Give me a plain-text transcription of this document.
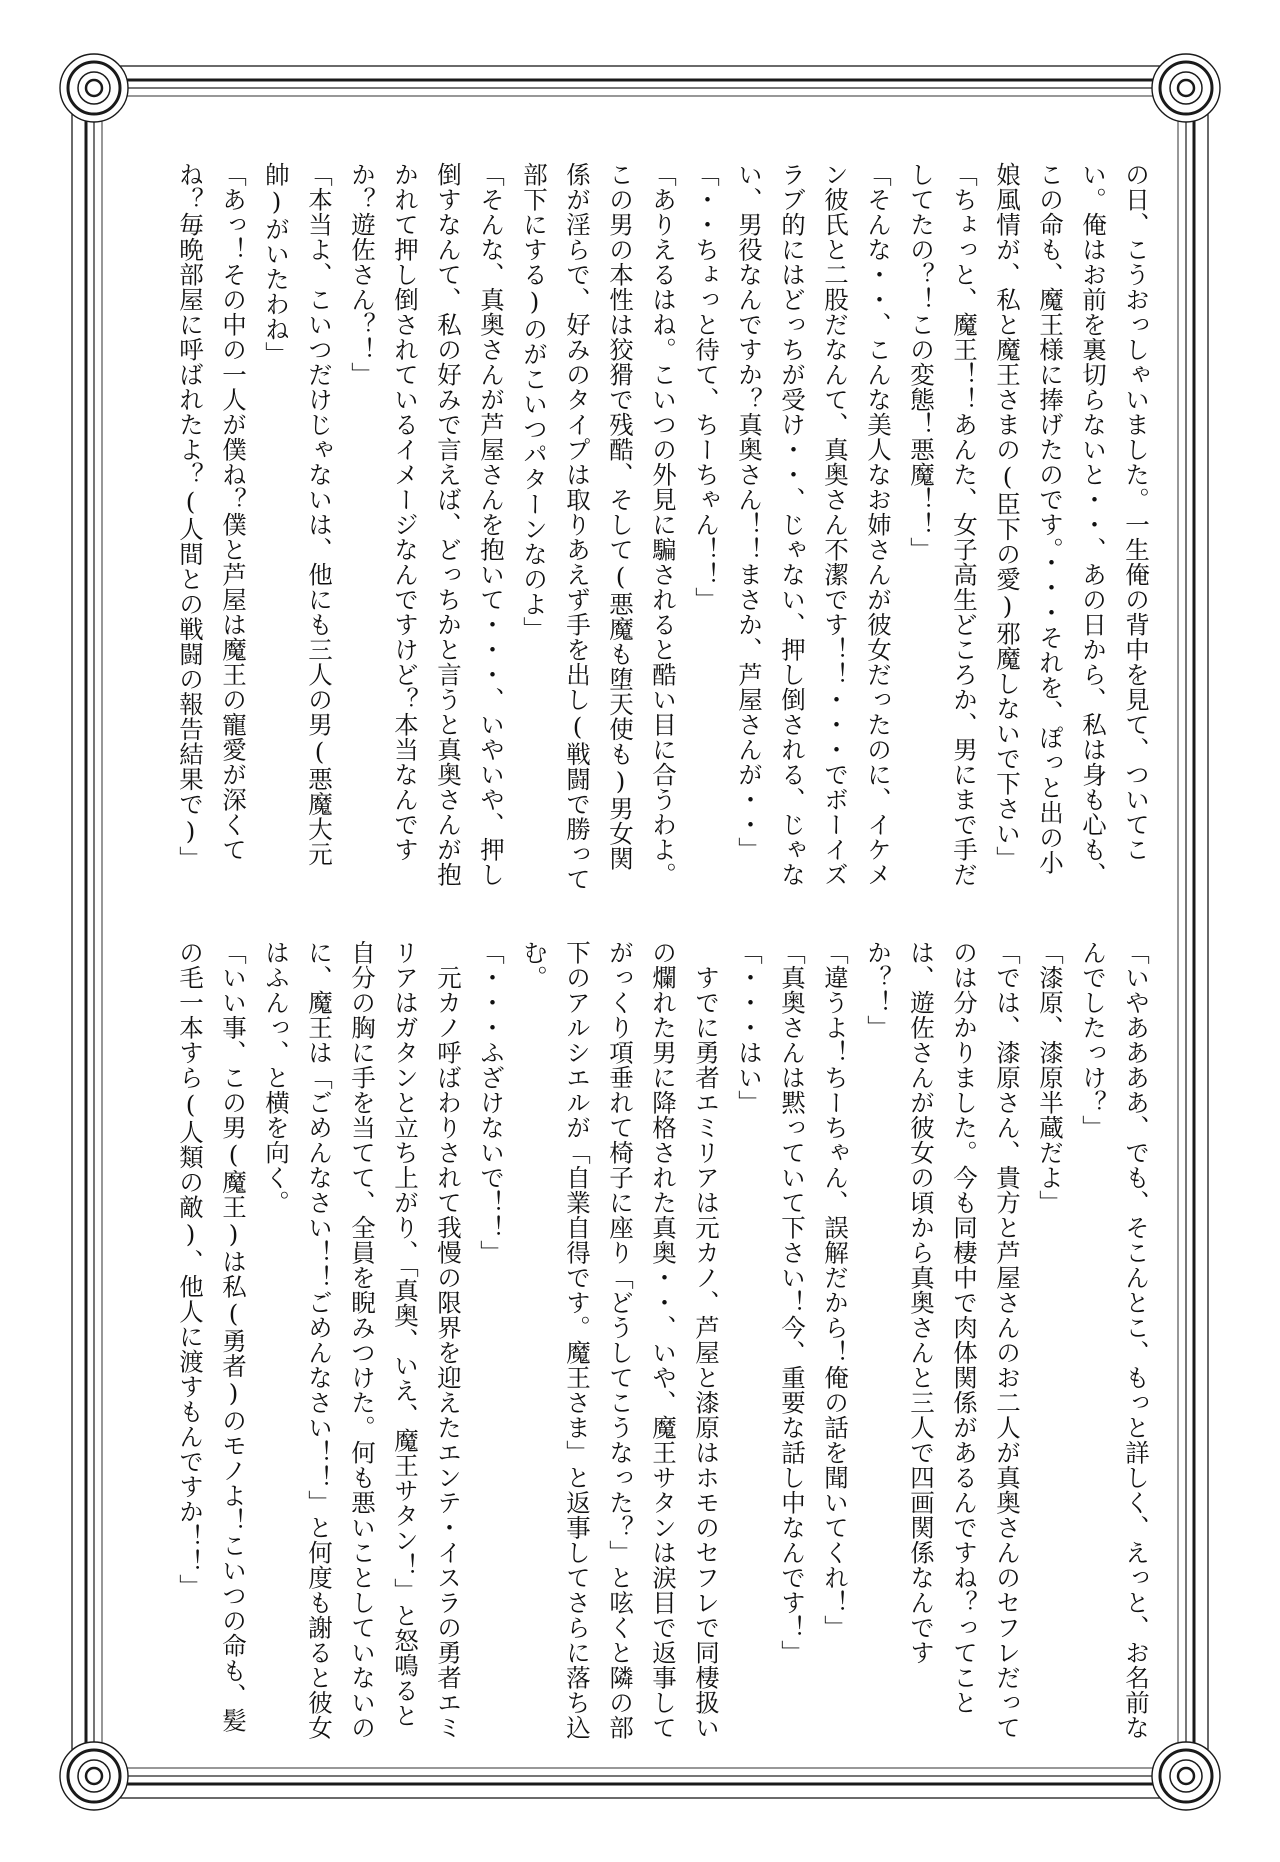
の日、こうおっしゃいました。一生俺の背中を見て、ついてこい。俺はお前を裏切らないと・・、あの日から、私は身も心も、この命も、魔王様に捧げたのです。・・・それを、ぽっと出の小娘風情が、私と魔王さまの(臣下の愛)邪魔しないで下さい」

「ちょっと、魔王！！あんた、女子高生どころか、男にまで手だしてたの？！この変態！悪魔！！」

「そんな・・、こんな美人なお姉さんが彼女だったのに、イケメン彼氏と二股だなんて、真奥さん不潔です！！・・・でボーイズラブ的にはどっちが受け・・、じゃない、押し倒される、じゃない、男役なんですか？真奥さん！！まさか、芦屋さんが・・」

「・・ちょっと待て、ちーちゃん！！」

「ありえるはね。こいつの外見に騙されると酷い目に合うわよ。この男の本性は狡猾で残酷、そして(悪魔も堕天使も)男女関係が淫らで、好みのタイプは取りあえず手を出し(戦闘で勝って部下にする)のがこいつパターンなのよ」

「そんな、真奥さんが芦屋さんを抱いて・・・、いやいや、押し倒すなんて、私の好みで言えば、どっちかと言うと真奥さんが抱かれて押し倒されているイメージなんですけど？本当なんですか？遊佐さん？！」

「本当よ、こいつだけじゃないは、他にも三人の男(悪魔大元帥)がいたわね」

「あっ！その中の一人が僕ね？僕と芦屋は魔王の寵愛が深くてね？毎晩部屋に呼ばれたよ？(人間との戦闘の報告結果で)」

「いやああああ、でも、そこんとこ、もっと詳しく、えっと、お名前なんでしたっけ？」

「漆原、漆原半蔵だよ」

「では、漆原さん、貴方と芦屋さんのお二人が真奥さんのセフレだってのは分かりました。今も同棲中で肉体関係があるんですね？ってことは、遊佐さんが彼女の頃から真奥さんと三人で四画関係なんですか？！」

「違うよ！ちーちゃん、誤解だから！俺の話を聞いてくれ！」

「真奥さんは黙っていて下さい！今、重要な話し中なんです！」

「・・・はい」

すでに勇者エミリアは元カノ、芦屋と漆原はホモのセフレで同棲扱いの爛れた男に降格された真奥・・、いや、魔王サタンは涙目で返事してがっくり項垂れて椅子に座り「どうしてこうなった？」と呟くと隣の部下のアルシエルが「自業自得です。魔王さま」と返事してさらに落ち込む。

「・・・ふざけないで！！」

元カノ呼ばわりされて我慢の限界を迎えたエンテ・イスラの勇者エミリアはガタンと立ち上がり、「真奥、いえ、魔王サタン！」と怒鳴ると自分の胸に手を当てて、全員を睨みつけた。何も悪いことしていないのに、魔王は「ごめんなさい！！ごめんなさい！！」と何度も謝ると彼女はふんっ、と横を向く。

「いい事、この男(魔王)は私(勇者)のモノよ！こいつの命も、髪の毛一本すら(人類の敵)、他人に渡すもんですか！！」
